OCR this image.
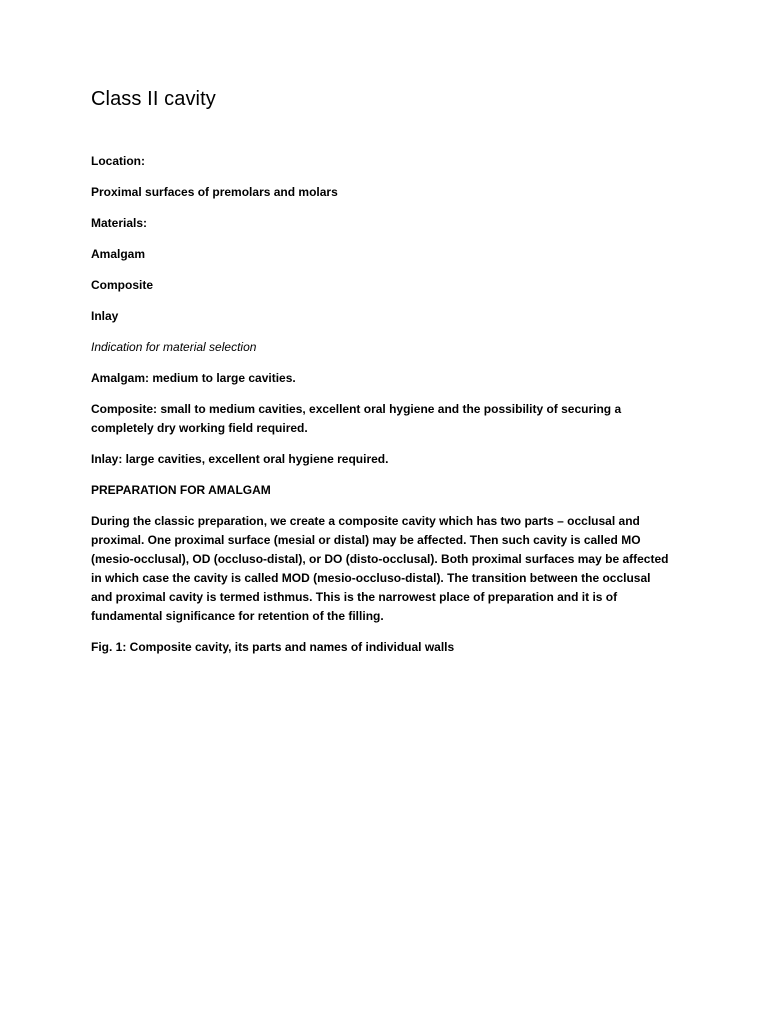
Class II cavity

Location:

Proximal surfaces of premolars and molars

Materials:

Amalgam

Composite

Inlay

Indication for material selection

Amalgam: medium to large cavities.

Composite: small to medium cavities, excellent oral hygiene and the possibility of securing a completely dry working field required.

Inlay: large cavities, excellent oral hygiene required.

PREPARATION FOR AMALGAM

During the classic preparation, we create a composite cavity which has two parts – occlusal and proximal. One proximal surface (mesial or distal) may be affected. Then such cavity is called MO (mesio-occlusal), OD (occluso-distal), or DO (disto-occlusal). Both proximal surfaces may be affected in which case the cavity is called MOD (mesio-occluso-distal). The transition between the occlusal and proximal cavity is termed isthmus. This is the narrowest place of preparation and it is of fundamental significance for retention of the filling.

Fig. 1: Composite cavity, its parts and names of individual walls
